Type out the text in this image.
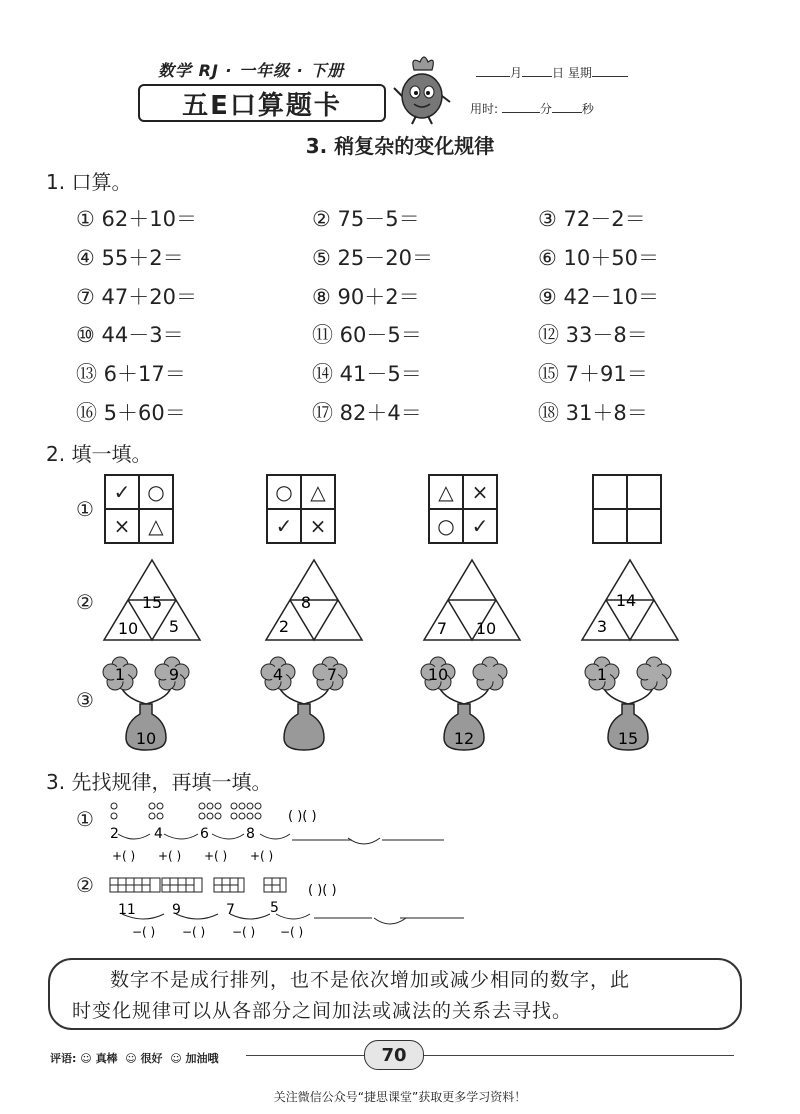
数学 RJ · 一年级 · 下册
五E口算题卡
月	日 星期
用时:	分	秒
3. 稍复杂的变化规律
1. 口算。
① 62＋10＝	② 75－5＝	③ 72－2＝
④ 55＋2＝	⑤ 25－20＝	⑥ 10＋50＝
⑦ 47＋20＝	⑧ 90＋2＝	⑨ 42－10＝
⑩ 44－3＝	⑪ 60－5＝	⑫ 33－8＝
⑬ 6＋17＝	⑭ 41－5＝	⑮ 7＋91＝
⑯ 5＋60＝	⑰ 82＋4＝	⑱ 31＋8＝
2. 填一填。
①
✓ ○
× △
○ △
✓ ×
△ ×
○ ✓
②	15
10 5
8
2	7 10
14
3
③
1	9
10
4	7	10
12
1
15
3. 先找规律，再填一填。
①
2	4	6	8
( )( )
+( ) +( ) +( ) +( )
②
11	9	7	5
( )( )
−( ) −( ) −( ) −( )
数字不是成行排列，也不是依次增加或减少相同的数字，此
时变化规律可以从各部分之间加法或减法的关系去寻找。
评语: ☺ 真棒 ☺ 很好 ☺ 加油哦	70
关注微信公众号“捷思课堂”获取更多学习资料！
